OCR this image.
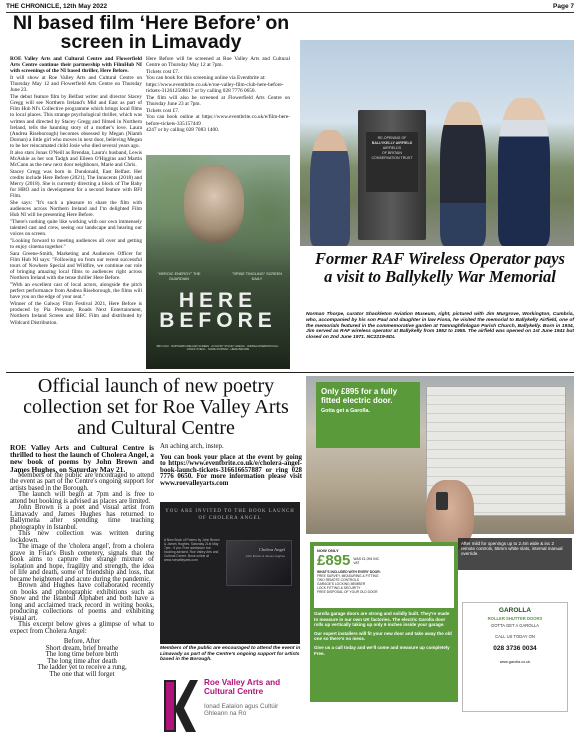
THE CHRONICLE, 12th May 2022	Page 7
NI based film ‘Here Before’ on screen in Limavady

ROE Valley Arts and Cultural Centre and Flowerfield Arts Centre continue their partnership with FilmHub NI with screenings of the NI based thriller, Here Before.

It will show at Roe Valley Arts and Cultural Centre on Thursday May 12 and Flowerfield Arts Centre on Thursday June 23.

The debut feature film by Belfast writer and director Stacey Gregg will see Northern Ireland's Mid and East as part of Film Hub NI's Collective programme which brings local films to local places. This strange psychological thriller, which was written and directed by Stacey Gregg and filmed in Northern Ireland, tells the haunting story of a mother's love. Laura (Andrea Riseborough) becomes obsessed by Megan (Niamh Dornan) a little girl who moves in next door, believing Megan to be her reincarnated child Josie who died several years ago.

It also stars Jonas O'Neill as Brendan, Laura's husband, Lewis McAskie as her son Tadgh and Eileen O'Higgins and Martin McCann as the new next door neighbours, Marie and Chris.

Stacey Gregg was born in Dundonald, East Belfast. Her credits include Here Before (2021), The Innocents (2018) and Mercy (2018). She is currently directing a block of The Baby for HBO and in development for a second feature with BFI Film.

She says: "It's such a pleasure to share the film with audiences across Northern Ireland and I'm delighted Film Hub NI will be presenting Here Before.

"There's nothing quite like working with our own immensely talented cast and crew, seeing our landscape and hearing our voices on screen.

"Looking forward to meeting audiences all over and getting to enjoy cinema together."

Sara Greene-Smith, Marketing and Audiences Officer for Film Hub NI says: "Following on from our recent successful tours of Nowhere Special and Wildfire, we continue our role of bringing amazing local films to audiences right across Northern Ireland with the tense thriller Here Before.

"With an excellent cast of local actors, alongside the pitch perfect performance from Andrea Riseborough, the films will have you on the edge of your seat."

Winner of the Galway Film Festival 2021, Here Before is produced by Pia Pressure, Roads Next Entertainment, Northern Ireland Screen and BBC Film and distributed by Wildcard Distribution.

Here Before will be screened at Roe Valley Arts and Cultural Centre on Thursday May 12 at 7pm.

Tickets cost £7.

You can book for this screening online via Eventbrite at:

https://www.eventbrite.co.uk/e/roe-valley-film-club-here-before-tickets-312612508617 or by calling 028 7776 0650.

The film will also be screened at Flowerfield Arts Centre on Thursday June 23 at 7pm.

Tickets cost £7.

You can book online at https://www.eventbrite.co.uk/e/film-here-before-tickets-335157449

4247 or by calling 028 7083 1400.

"HEROIC ENERGY" THE GUARDIAN
"SPINE TINGLING" SCREEN DAILY
HERE
BEFORE
BBC FILM · NORTHERN IRELAND SCREEN · A FILM BY STACEY GREGG · ANDREA RISEBOROUGH · JONAS O'NEILL · NIAMH DORNAN · HERE BEFORE
RE-OPENING OF
BALLYKELLY AIRFIELD
AIRFIELDS
OF BRITAIN
CONSERVATION TRUST
Former RAF Wireless Operator pays a visit to Ballykelly War Memorial
Norman Thorpe, curator Shackleton Aviation Museum, right, pictured with Jim Murgrove, Workington, Cumbria, who, accompanied by his son Paul and daughter in law Fiona, he visited the memorial to Ballykelly Airfield, one of the memorials featured in the commemorative garden at Tamnaghfinlagan Parish Church, Ballykelly. Born in 1934, Jim served as RAF wireless operator at Ballykelly from 1952 to 1955. The airfield was opened on 1st June 1941 but closed on 2nd June 1971. NC2219-5DL
Official launch of new poetry collection set for Roe Valley Arts and Cultural Centre

ROE Valley Arts and Cultural Centre is thrilled to host the launch of Cholera Angel, a new book of poems by John Brown and James Hughes, on Saturday May 21.

Members of the public are encouraged to attend the event as part of the Centre's ongoing support for artists based in the Borough.

The launch will begin at 7pm and is free to attend but booking is advised as places are limited.

John Brown is a poet and visual artist from Limavady and James Hughes has returned to Ballymena after spending time teaching photography in Istanbul.

This new collection was written during lockdown.

The image of the 'cholera angel', from a cholera grave in Friar's Bush cemetery, signals that the book aims to capture the strange mixture of isolation and hope, fragility and strength, the idea of life and death, some of friendship and loss, that became heightened and acute during the pandemic.

Brown and Hughes have collaborated recently on books and photographic exhibitions such as Snow and the Istanbul Alphabet and both have a long and acclaimed track record in writing books, producing collections of poems and exhibiting visual art.

This excerpt below gives a glimpse of what to expect from Cholera Angel:

Before, After
Short dream, brief breathe
The long time before birth
The long time after death
The ladder yet to receive a rung,
The one that will forget

An aching arch, instep.

You can book your place at the event by going to https://www.eventbrite.co.uk/e/cholera-angel-book-launch-tickets-316616657887 or ring 028 7776 0650. For more information please visit www.roevalleyarts.com

YOU ARE INVITED TO THE BOOK LAUNCH OF CHOLERA ANGEL
A New Book of Poems by John Brown & James Hughes. Saturday 21st May 7pm - 9 pm. Free admission but booking advised. Roe Valley Arts and Cultural Centre. Book online at www.roevalleyarts.com
Cholera Angel
John Brown & James Hughes
Members of the public are encouraged to attend the event in Limavady as part of the Centre's ongoing support for artists based in the Borough.
Roe Valley Arts and Cultural Centre
Ionad Ealaíon agus Cultúir Ghleann na Ró
Only £895 for a fully fitted electric door.
Gotta get a Garolla.
After mild for openings up to 2.4m wide & inc 2 remote controls, 55mm white slats, internal manual override.
NOW ONLY
£895 WAS £1,094 INC VAT
WHAT'S INCLUDED WITH EVERY DOOR:
FREE SURVEY, MEASURING & FITTING
TWO REMOTE CONTROLS
GARAGE'S LOCKING MEMBER
LOCK FITTING & SECURITY
FREE DISPOSAL OF YOUR OLD DOOR
Garolla garage doors are strong and solidly built. They're made to measure in our own UK factories. The electric Garolla door rolls up vertically taking up only 6 inches inside your garage.
Our expert installers will fit your new door and take away the old one so there's no mess.
Give us a call today and we'll come and measure up completely Free.
GAROLLA
ROLLER SHUTTER DOORS
GOTTA GET A GAROLLA
CALL US TODAY ON
028 3736 0034
www.garolla.co.uk
